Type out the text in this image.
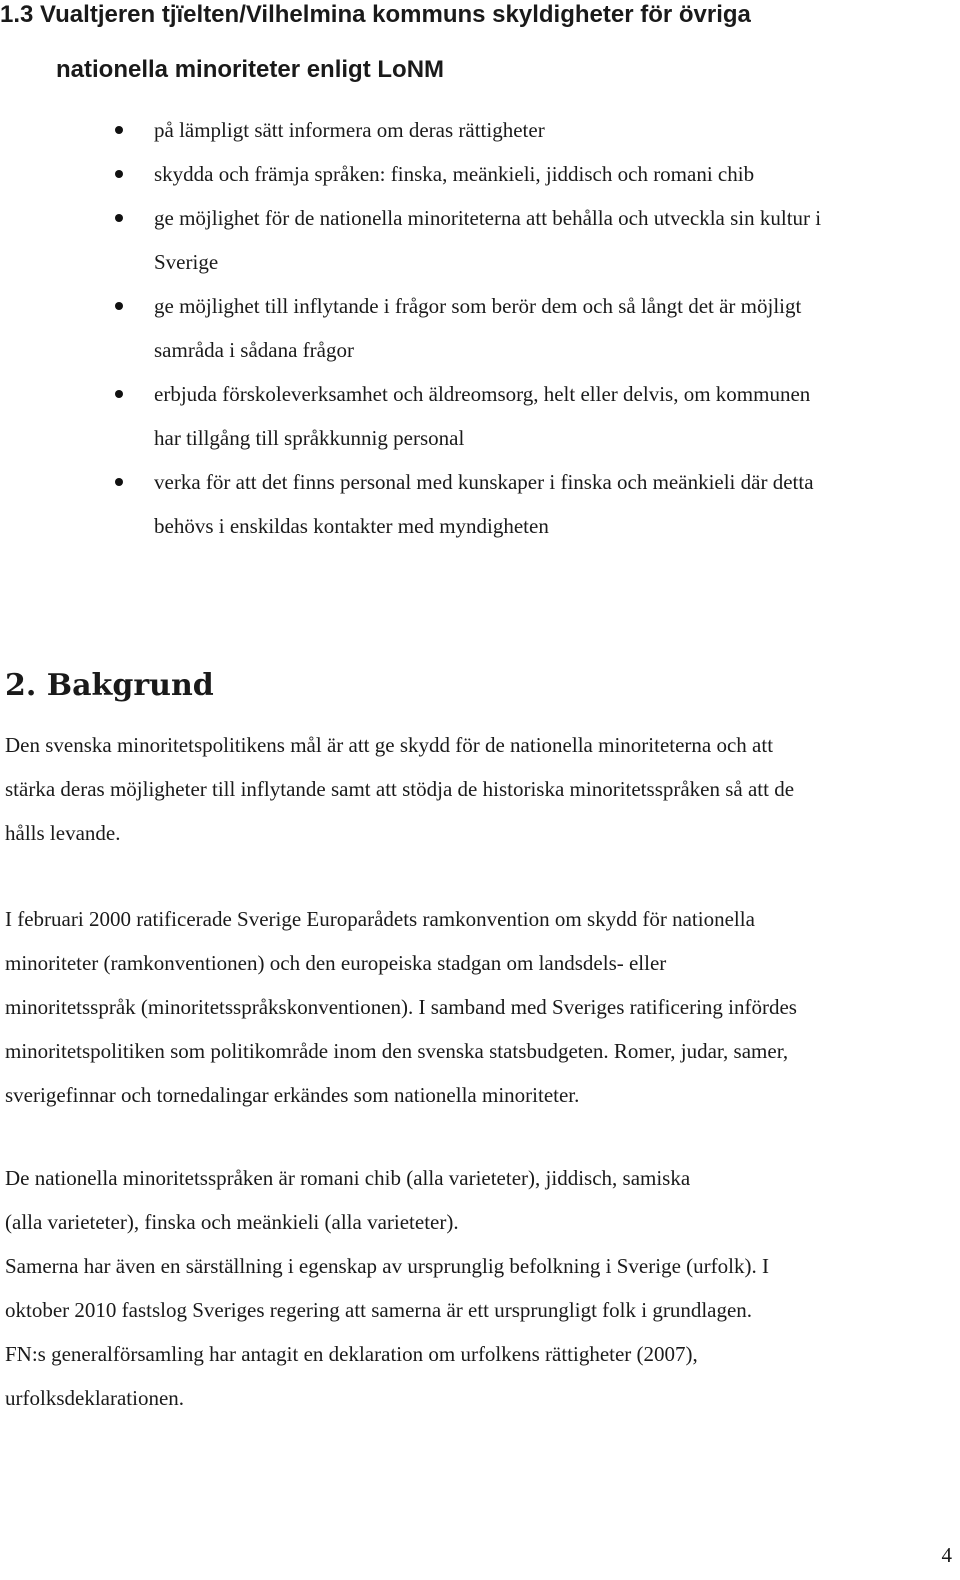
1.3 Vualtjeren tjïelten/Vilhelmina kommuns skyldigheter för övriga
nationella minoriteter enligt LoNM
på lämpligt sätt informera om deras rättigheter
skydda och främja språken: finska, meänkieli, jiddisch och romani chib
ge möjlighet för de nationella minoriteterna att behålla och utveckla sin kultur i
Sverige
ge möjlighet till inflytande i frågor som berör dem och så långt det är möjligt
samråda i sådana frågor
erbjuda förskoleverksamhet och äldreomsorg, helt eller delvis, om kommunen
har tillgång till språkkunnig personal
verka för att det finns personal med kunskaper i finska och meänkieli där detta
behövs i enskildas kontakter med myndigheten
2. Bakgrund

Den svenska minoritetspolitikens mål är att ge skydd för de nationella minoriteterna och att
stärka deras möjligheter till inflytande samt att stödja de historiska minoritetsspråken så att de
hålls levande.

I februari 2000 ratificerade Sverige Europarådets ramkonvention om skydd för nationella
minoriteter (ramkonventionen) och den europeiska stadgan om landsdels- eller
minoritetsspråk (minoritetsspråkskonventionen). I samband med Sveriges ratificering infördes
minoritetspolitiken som politikområde inom den svenska statsbudgeten. Romer, judar, samer,
sverigefinnar och tornedalingar erkändes som nationella minoriteter.

De nationella minoritetsspråken är romani chib (alla varieteter), jiddisch, samiska
(alla varieteter), finska och meänkieli (alla varieteter).
Samerna har även en särställning i egenskap av ursprunglig befolkning i Sverige (urfolk). I
oktober 2010 fastslog Sveriges regering att samerna är ett ursprungligt folk i grundlagen.
FN:s generalförsamling har antagit en deklaration om urfolkens rättigheter (2007),
urfolksdeklarationen.

4
